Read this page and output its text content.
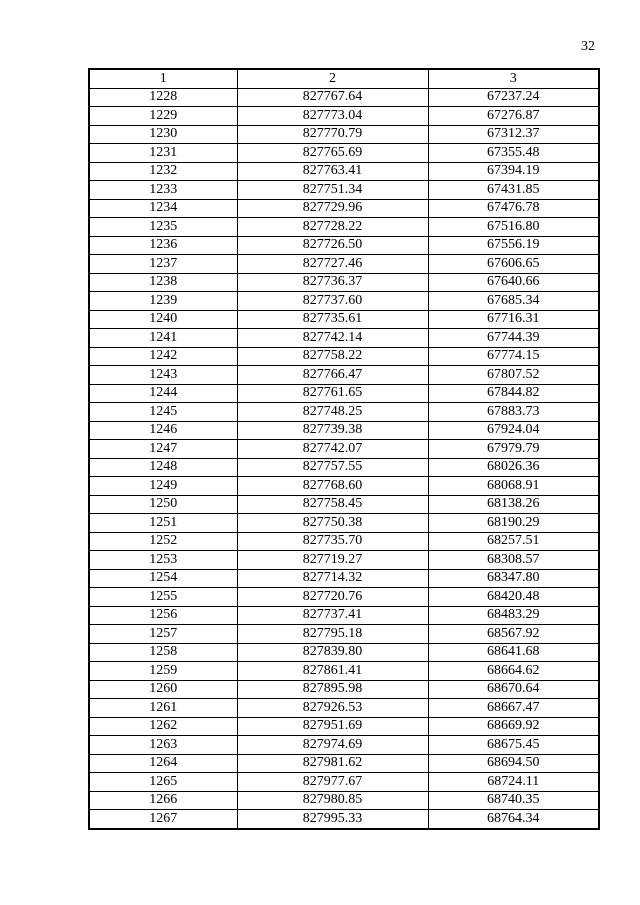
32
1	2	3
1228	827767.64	67237.24
1229	827773.04	67276.87
1230	827770.79	67312.37
1231	827765.69	67355.48
1232	827763.41	67394.19
1233	827751.34	67431.85
1234	827729.96	67476.78
1235	827728.22	67516.80
1236	827726.50	67556.19
1237	827727.46	67606.65
1238	827736.37	67640.66
1239	827737.60	67685.34
1240	827735.61	67716.31
1241	827742.14	67744.39
1242	827758.22	67774.15
1243	827766.47	67807.52
1244	827761.65	67844.82
1245	827748.25	67883.73
1246	827739.38	67924.04
1247	827742.07	67979.79
1248	827757.55	68026.36
1249	827768.60	68068.91
1250	827758.45	68138.26
1251	827750.38	68190.29
1252	827735.70	68257.51
1253	827719.27	68308.57
1254	827714.32	68347.80
1255	827720.76	68420.48
1256	827737.41	68483.29
1257	827795.18	68567.92
1258	827839.80	68641.68
1259	827861.41	68664.62
1260	827895.98	68670.64
1261	827926.53	68667.47
1262	827951.69	68669.92
1263	827974.69	68675.45
1264	827981.62	68694.50
1265	827977.67	68724.11
1266	827980.85	68740.35
1267	827995.33	68764.34
